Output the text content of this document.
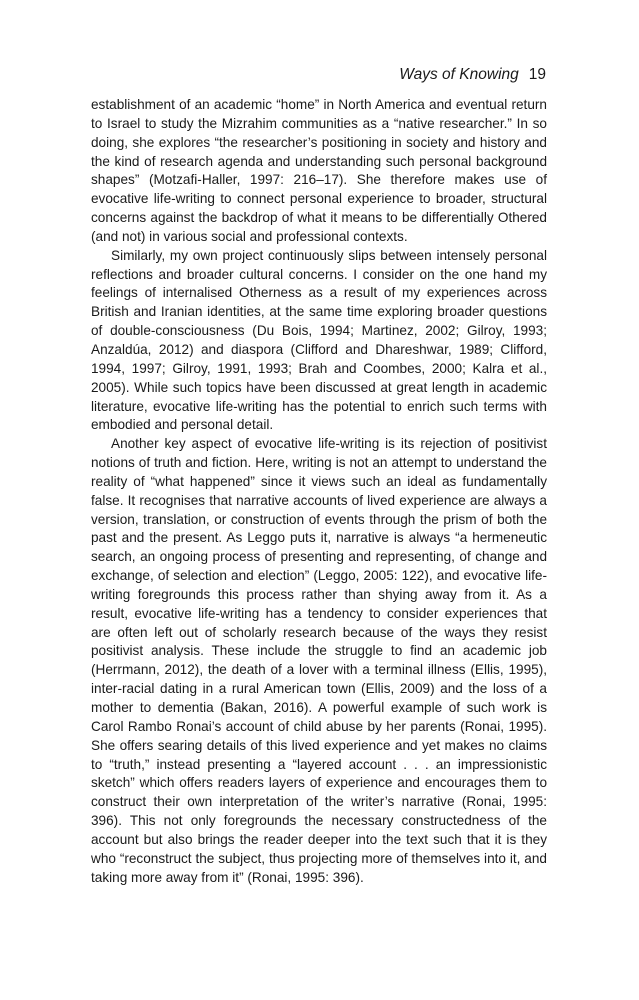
Ways of Knowing 19

establishment of an academic “home” in North America and eventual return to Israel to study the Mizrahim communities as a “native researcher.” In so doing, she explores “the researcher’s positioning in society and history and the kind of research agenda and understanding such personal background shapes” (Motzafi-Haller, 1997: 216–17). She therefore makes use of evocative life-writing to connect personal experience to broader, structural concerns against the backdrop of what it means to be differentially Othered (and not) in various social and professional contexts.

Similarly, my own project continuously slips between intensely personal reflections and broader cultural concerns. I consider on the one hand my feelings of internalised Otherness as a result of my experiences across British and Iranian identities, at the same time exploring broader questions of double-consciousness (Du Bois, 1994; Martinez, 2002; Gilroy, 1993; Anzaldúa, 2012) and diaspora (Clifford and Dhareshwar, 1989; Clifford, 1994, 1997; Gilroy, 1991, 1993; Brah and Coombes, 2000; Kalra et al., 2005). While such topics have been discussed at great length in academic literature, evocative life-writing has the potential to enrich such terms with embodied and personal detail.

Another key aspect of evocative life-writing is its rejection of positivist notions of truth and fiction. Here, writing is not an attempt to understand the reality of “what happened” since it views such an ideal as fundamentally false. It recognises that narrative accounts of lived experience are always a version, translation, or construction of events through the prism of both the past and the present. As Leggo puts it, narrative is always “a hermeneutic search, an ongoing process of presenting and representing, of change and exchange, of selection and election” (Leggo, 2005: 122), and evocative life-writing foregrounds this process rather than shying away from it. As a result, evocative life-writing has a tendency to consider experiences that are often left out of scholarly research because of the ways they resist positivist analysis. These include the struggle to find an academic job (Herrmann, 2012), the death of a lover with a terminal illness (Ellis, 1995), inter-racial dating in a rural American town (Ellis, 2009) and the loss of a mother to dementia (Bakan, 2016). A powerful example of such work is Carol Rambo Ronai’s account of child abuse by her parents (Ronai, 1995). She offers searing details of this lived experience and yet makes no claims to “truth,” instead presenting a “layered account . . . an impressionistic sketch” which offers readers layers of experience and encourages them to construct their own interpretation of the writer’s narrative (Ronai, 1995: 396). This not only foregrounds the necessary constructedness of the account but also brings the reader deeper into the text such that it is they who “reconstruct the subject, thus projecting more of themselves into it, and taking more away from it” (Ronai, 1995: 396).
